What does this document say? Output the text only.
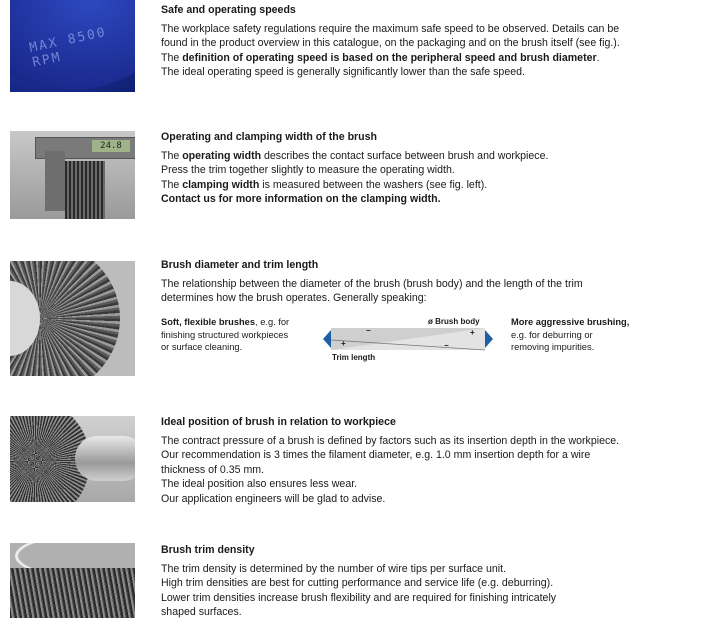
MAX 8500 RPM
24.8
Safe and operating speeds
The workplace safety regulations require the maximum safe speed to be observed. Details can be
found in the product overview in this catalogue, on the packaging and on the brush itself (see fig.).
The definition of operating speed is based on the peripheral speed and brush diameter.
The ideal operating speed is generally significantly lower than the safe speed.
Operating and clamping width of the brush
The operating width describes the contact surface between brush and workpiece.
Press the trim together slightly to measure the operating width.
The clamping width is measured between the washers (see fig. left).
Contact us for more information on the clamping width.
Brush diameter and trim length
The relationship between the diameter of the brush (brush body) and the length of the trim
determines how the brush operates. Generally speaking:
Soft, flexible brushes, e.g. for
finishing structured workpieces
or surface cleaning.
ø Brush body
−	+
+	−
Trim length
More aggressive brushing,
e.g. for deburring or
removing impurities.
Ideal position of brush in relation to workpiece
The contract pressure of a brush is defined by factors such as its insertion depth in the workpiece.
Our recommendation is 3 times the filament diameter, e.g. 1.0 mm insertion depth for a wire
thickness of 0.35 mm.
The ideal position also ensures less wear.
Our application engineers will be glad to advise.
Brush trim density
The trim density is determined by the number of wire tips per surface unit.
High trim densities are best for cutting performance and service life (e.g. deburring).
Lower trim densities increase brush flexibility and are required for finishing intricately
shaped surfaces.
